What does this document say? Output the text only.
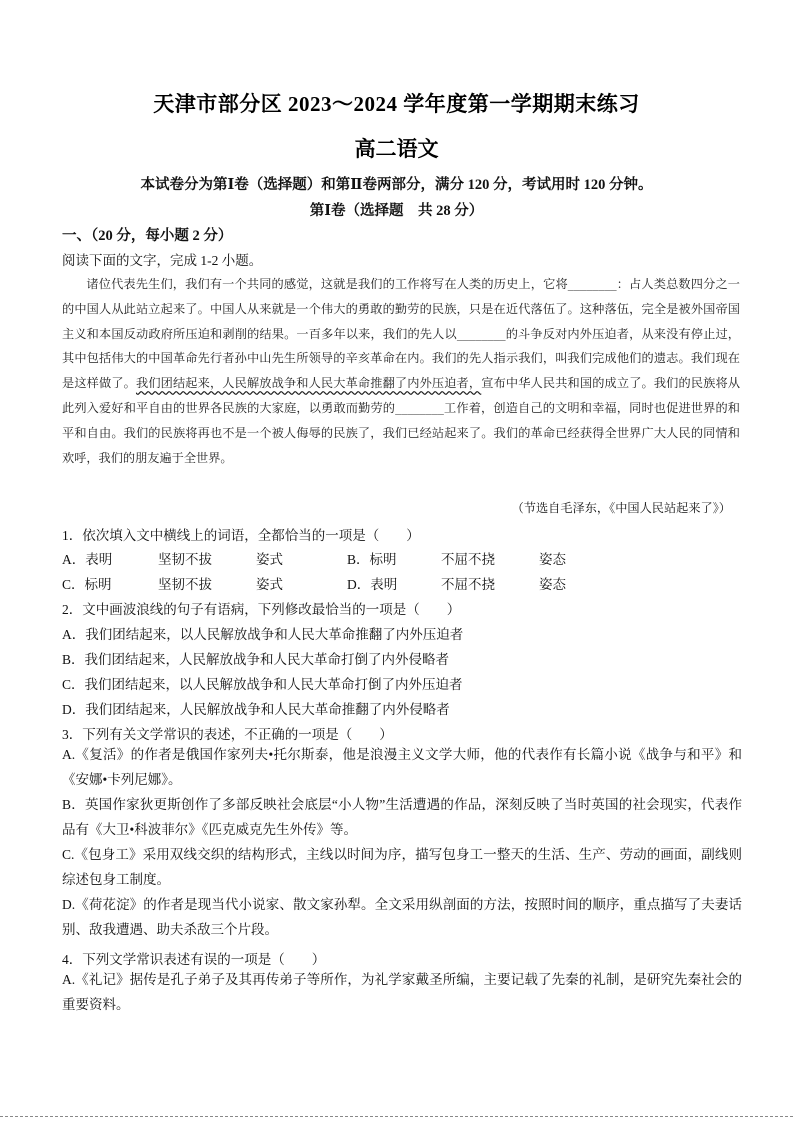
天津市部分区 2023～2024 学年度第一学期期末练习
高二语文
本试卷分为第Ⅰ卷（选择题）和第Ⅱ卷两部分，满分 120 分，考试用时 120 分钟。
第Ⅰ卷（选择题　共 28 分）
一、（20 分，每小题 2 分）
阅读下面的文字，完成 1-2 小题。
诸位代表先生们，我们有一个共同的感觉，这就是我们的工作将写在人类的历史上，它将________：占人类总数四分之一的中国人从此站立起来了。中国人从来就是一个伟大的勇敢的勤劳的民族，只是在近代落伍了。这种落伍，完全是被外国帝国主义和本国反动政府所压迫和剥削的结果。一百多年以来，我们的先人以________的斗争反对内外压迫者，从来没有停止过，其中包括伟大的中国革命先行者孙中山先生所领导的辛亥革命在内。我们的先人指示我们，叫我们完成他们的遗志。我们现在是这样做了。我们团结起来，人民解放战争和人民大革命推翻了内外压迫者，宣布中华人民共和国的成立了。我们的民族将从此列入爱好和平自由的世界各民族的大家庭，以勇敢而勤劳的________工作着，创造自己的文明和幸福，同时也促进世界的和平和自由。我们的民族将再也不是一个被人侮辱的民族了，我们已经站起来了。我们的革命已经获得全世界广大人民的同情和欢呼，我们的朋友遍于全世界。
（节选自毛泽东，《中国人民站起来了》）
1．依次填入文中横线上的词语，全都恰当的一项是（　　）
A．表明	坚韧不拔	姿式	B．标明	不屈不挠	姿态
C．标明	坚韧不拔	姿式	D．表明	不屈不挠	姿态
2．文中画波浪线的句子有语病，下列修改最恰当的一项是（　　）
A．我们团结起来，以人民解放战争和人民大革命推翻了内外压迫者
B．我们团结起来，人民解放战争和人民大革命打倒了内外侵略者
C．我们团结起来，以人民解放战争和人民大革命打倒了内外压迫者
D．我们团结起来，人民解放战争和人民大革命推翻了内外侵略者
3．下列有关文学常识的表述，不正确的一项是（　　）
A.《复活》的作者是俄国作家列夫•托尔斯泰，他是浪漫主义文学大师，他的代表作有长篇小说《战争与和平》和《安娜•卡列尼娜》。
B．英国作家狄更斯创作了多部反映社会底层“小人物”生活遭遇的作品，深刻反映了当时英国的社会现实，代表作品有《大卫•科波菲尔》《匹克威克先生外传》等。
C.《包身工》采用双线交织的结构形式，主线以时间为序，描写包身工一整天的生活、生产、劳动的画面，副线则综述包身工制度。
D.《荷花淀》的作者是现当代小说家、散文家孙犁。全文采用纵剖面的方法，按照时间的顺序，重点描写了夫妻话别、敌我遭遇、助夫杀敌三个片段。
4．下列文学常识表述有误的一项是（　　）
A.《礼记》据传是孔子弟子及其再传弟子等所作，为礼学家戴圣所编，主要记载了先秦的礼制，是研究先秦社会的重要资料。
